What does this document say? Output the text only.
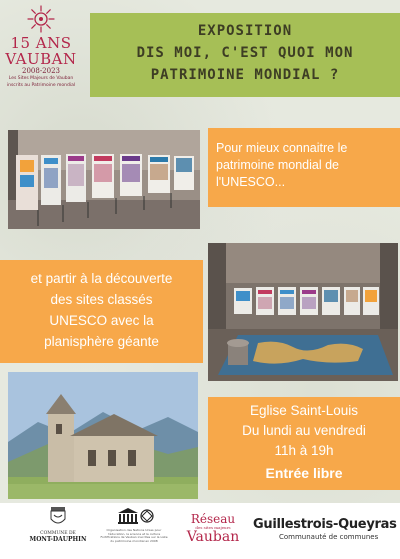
15 ANS
VAUBAN
2008-2023
Les Sites Majeurs de Vauban
inscrits au Patrimoine mondial
EXPOSITION
DIS MOI, C'EST QUOI MON
PATRIMOINE MONDIAL ?
Pour mieux connaitre le
patrimoine mondial de
l'UNESCO...
et partir à la découverte
des sites classés
UNESCO avec la
planisphère géante
Eglise Saint-Louis
Du lundi au vendredi
11h à 19h
Entrée libre
COMMUNE DE
MONT-DAUPHIN
Organisation des Nations Unies pour l'éducation, la science et la culture
Fortifications de Vauban inscrites sur la Liste du patrimoine mondial en 2008
Réseau
des sites majeurs
Vauban
Guillestrois-Queyras
Communauté de communes
